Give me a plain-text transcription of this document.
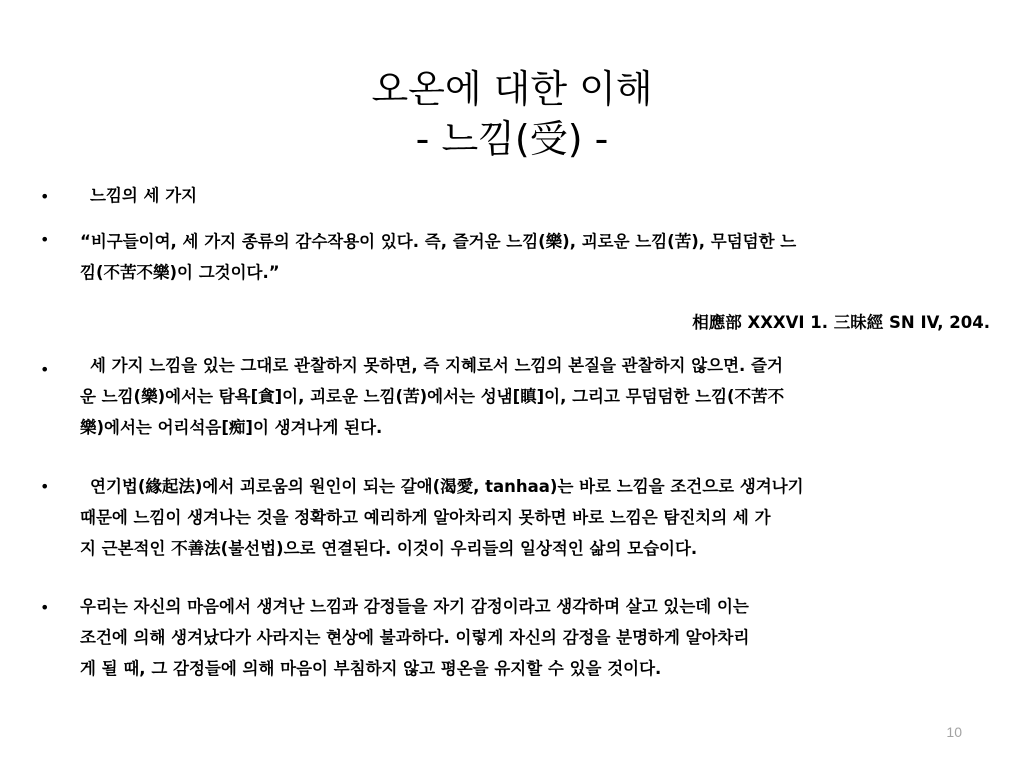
오온에 대한 이해
- 느낌(受) -
• 느낌의 세 가지
• “비구들이여, 세 가지 종류의 감수작용이 있다. 즉, 즐거운 느낌(樂), 괴로운 느낌(苦), 무덤덤한 느
낌(不苦不樂)이 그것이다.”
相應部 XXXVI 1. 三昧經 SN IV, 204.
• 세 가지 느낌을 있는 그대로 관찰하지 못하면, 즉 지혜로서 느낌의 본질을 관찰하지 않으면. 즐거
운 느낌(樂)에서는 탐욕[貪]이, 괴로운 느낌(苦)에서는 성냄[瞋]이, 그리고 무덤덤한 느낌(不苦不
樂)에서는 어리석음[痴]이 생겨나게 된다.
• 연기법(緣起法)에서 괴로움의 원인이 되는 갈애(渴愛, tanhaa)는 바로 느낌을 조건으로 생겨나기
때문에 느낌이 생겨나는 것을 정확하고 예리하게 알아차리지 못하면 바로 느낌은 탐진치의 세 가
지 근본적인 不善法(불선법)으로 연결된다. 이것이 우리들의 일상적인 삶의 모습이다.
• 우리는 자신의 마음에서 생겨난 느낌과 감정들을 자기 감정이라고 생각하며 살고 있는데 이는
조건에 의해 생겨났다가 사라지는 현상에 불과하다. 이렇게 자신의 감정을 분명하게 알아차리
게 될 때, 그 감정들에 의해 마음이 부침하지 않고 평온을 유지할 수 있을 것이다.
10
